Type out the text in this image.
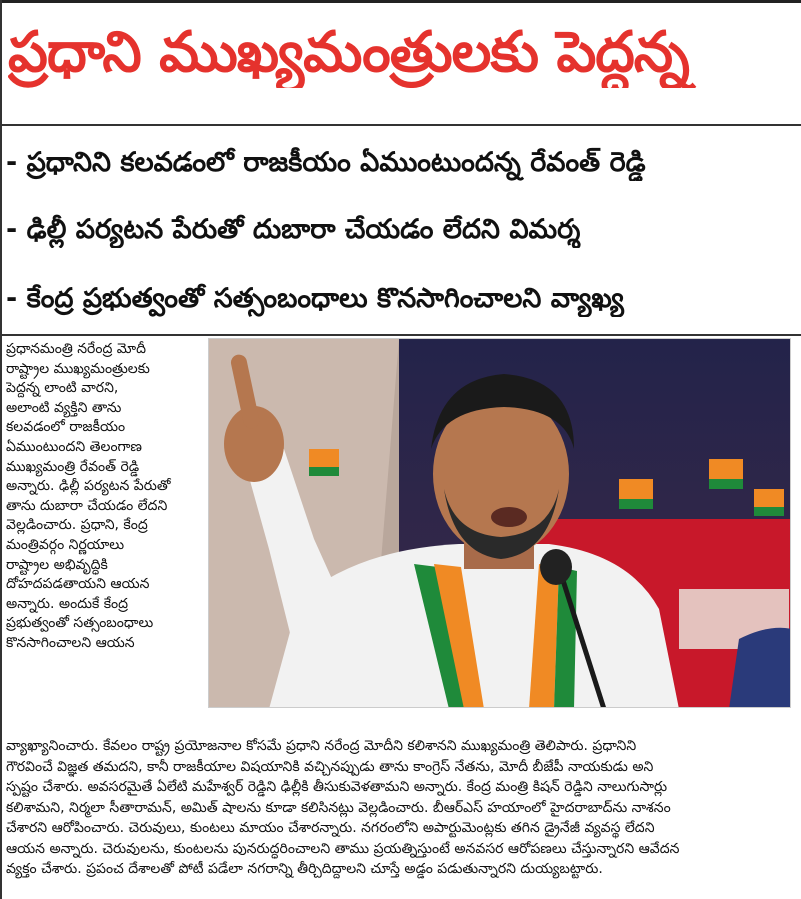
ప్రధాని ముఖ్యమంత్రులకు పెద్దన్న
- ప్రధానిని కలవడంలో రాజకీయం ఏముంటుందన్న రేవంత్ రెడ్డి
- ఢిల్లీ పర్యటన పేరుతో దుబారా చేయడం లేదని విమర్శ
- కేంద్ర ప్రభుత్వంతో సత్సంబంధాలు కొనసాగించాలని వ్యాఖ్య
ప్రధానమంత్రి నరేంద్ర మోదీ
రాష్ట్రాల ముఖ్యమంత్రులకు
పెద్దన్న లాంటి వారని,
అలాంటి వ్యక్తిని తాను
కలవడంలో రాజకీయం
ఏముంటుందని తెలంగాణ
ముఖ్యమంత్రి రేవంత్ రెడ్డి
అన్నారు. ఢిల్లీ పర్యటన పేరుతో
తాను దుబారా చేయడం లేదని
వెల్లడించారు. ప్రధాని, కేంద్ర
మంత్రివర్గం నిర్ణయాలు
రాష్ట్రాల అభివృద్ధికి
దోహదపడతాయని ఆయన
అన్నారు. అందుకే కేంద్ర
ప్రభుత్వంతో సత్సంబంధాలు
కొనసాగించాలని ఆయన
వ్యాఖ్యానించారు. కేవలం రాష్ట్ర ప్రయోజనాల కోసమే ప్రధాని నరేంద్ర మోదీని కలిశానని ముఖ్యమంత్రి తెలిపారు. ప్రధానిని
గౌరవించే విజ్ఞత తమదని, కానీ రాజకీయాల విషయానికి వచ్చినప్పుడు తాను కాంగ్రెస్ నేతను, మోదీ బీజేపీ నాయకుడు అని
స్పష్టం చేశారు. అవసరమైతే ఏలేటి మహేశ్వర్ రెడ్డిని ఢిల్లీకి తీసుకువెళతామని అన్నారు. కేంద్ర మంత్రి కిషన్ రెడ్డిని నాలుగుసార్లు
కలిశామని, నిర్మలా సీతారామన్, అమిత్ షాలను కూడా కలిసినట్లు వెల్లడించారు. బీఆర్ఎస్ హయాంలో హైదరాబాద్‌ను నాశనం
చేశారని ఆరోపించారు. చెరువులు, కుంటలు మాయం చేశారన్నారు. నగరంలోని అపార్టుమెంట్లకు తగిన డ్రైనేజీ వ్యవస్థ లేదని
ఆయన అన్నారు. చెరువులను, కుంటలను పునరుద్ధరించాలని తాము ప్రయత్నిస్తుంటే అనవసర ఆరోపణలు చేస్తున్నారని ఆవేదన
వ్యక్తం చేశారు. ప్రపంచ దేశాలతో పోటీ పడేలా నగరాన్ని తీర్చిదిద్దాలని చూస్తే అడ్డం పడుతున్నారని దుయ్యబట్టారు.
